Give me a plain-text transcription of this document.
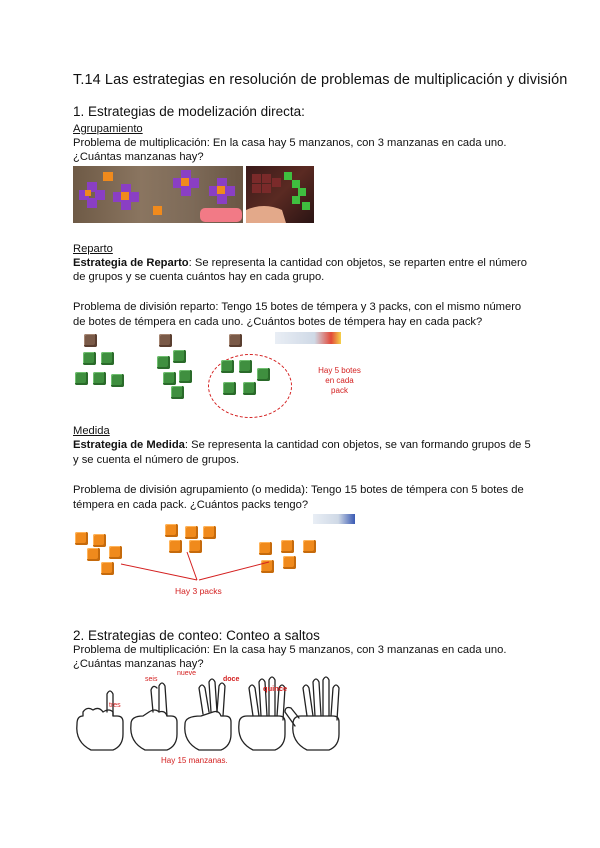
T.14 Las estrategias en resolución de problemas de multiplicación y división
1. Estrategias de modelización directa:
Agrupamiento
Problema de multiplicación: En la casa hay 5 manzanos, con 3 manzanas en cada uno.
¿Cuántas manzanas hay?
Reparto
Estrategia de Reparto: Se representa la cantidad con objetos, se reparten entre el número
de grupos y se cuenta cuántos hay en cada grupo.
Problema de división reparto: Tengo 15 botes de témpera y 3 packs, con el mismo número
de botes de témpera en cada uno. ¿Cuántos botes de témpera hay en cada pack?
Hay 5 botes
en cada pack
Medida
Estrategia de Medida: Se representa la cantidad con objetos, se van formando grupos de 5
y se cuenta el número de grupos.
Problema de división agrupamiento (o medida): Tengo 15 botes de témpera con 5 botes de
témpera en cada pack. ¿Cuántos packs tengo?
Hay 3 packs
2. Estrategias de conteo: Conteo a saltos
Problema de multiplicación: En la casa hay 5 manzanos, con 3 manzanas en cada uno.
¿Cuántas manzanas hay?
tres
seis
nueve
doce
quince
Hay 15 manzanas.
